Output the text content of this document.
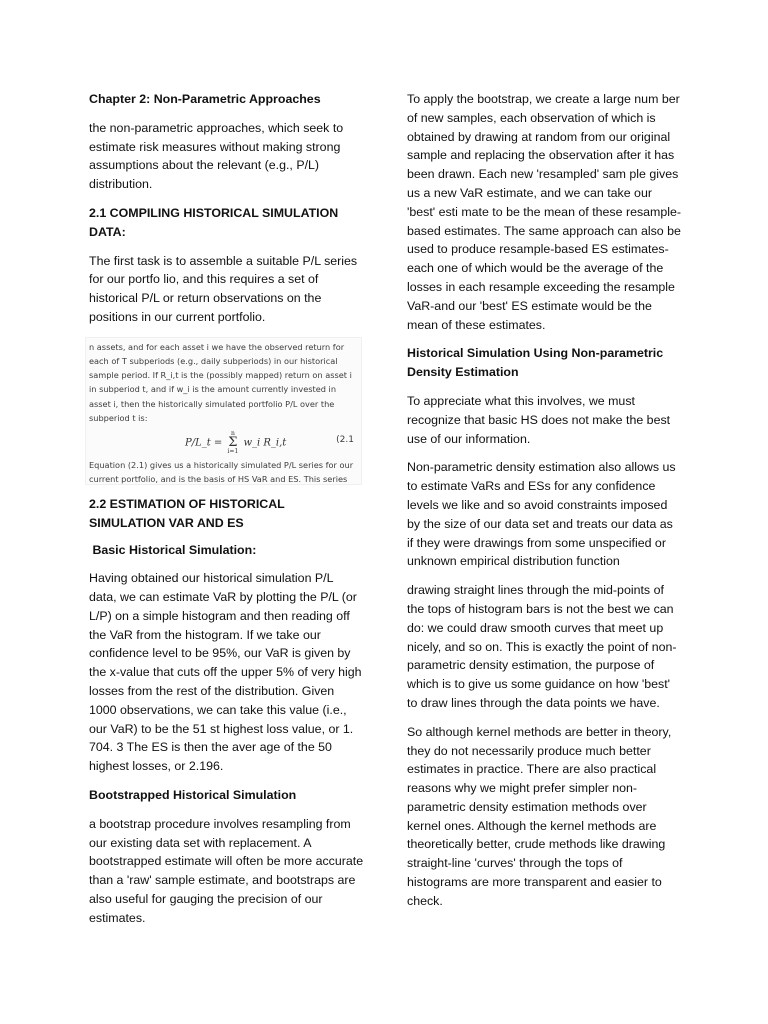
Chapter 2: Non-Parametric Approaches

the non-parametric approaches, which seek to estimate risk measures without making strong assumptions about the relevant (e.g., P/L) distribution.

2.1 COMPILING HISTORICAL SIMULATION DATA:

The first task is to assemble a suitable P/L series for our portfo lio, and this requires a set of historical P/L or return observations on the positions in our current portfolio.

n assets, and for each asset i we have the observed return for each of T subperiods (e.g., daily subperiods) in our historical sample period. If R_i,t is the (possibly mapped) return on asset i in subperiod t, and if w_i is the amount currently invested in asset i, then the historically simulated portfolio P/L over the subperiod t is:
P/L_t = n
Σ
i=1 w_i R_i,t	(2.1
Equation (2.1) gives us a historically simulated P/L series for our current portfolio, and is the basis of HS VaR and ES. This series

2.2 ESTIMATION OF HISTORICAL SIMULATION VAR AND ES

Basic Historical Simulation:

Having obtained our historical simulation P/L data, we can estimate VaR by plotting the P/L (or L/P) on a simple histogram and then reading off the VaR from the histogram. If we take our confidence level to be 95%, our VaR is given by the x-value that cuts off the upper 5% of very high losses from the rest of the distribution. Given 1000 observations, we can take this value (i.e., our VaR) to be the 51 st highest loss value, or 1. 704. 3 The ES is then the aver age of the 50 highest losses, or 2.196.

Bootstrapped Historical Simulation

a bootstrap procedure involves resampling from our existing data set with replacement. A bootstrapped estimate will often be more accurate than a 'raw' sample estimate, and bootstraps are also useful for gauging the precision of our estimates.

To apply the bootstrap, we create a large num ber of new samples, each observation of which is obtained by drawing at random from our original sample and replacing the observation after it has been drawn. Each new 'resampled' sam ple gives us a new VaR estimate, and we can take our 'best' esti mate to be the mean of these resample-based estimates. The same approach can also be used to produce resample-based ES estimates-each one of which would be the average of the losses in each resample exceeding the resample VaR-and our 'best' ES estimate would be the mean of these estimates.

Historical Simulation Using Non-parametric Density Estimation

To appreciate what this involves, we must recognize that basic HS does not make the best use of our information.

Non-parametric density estimation also allows us to estimate VaRs and ESs for any confidence levels we like and so avoid constraints imposed by the size of our data set and treats our data as if they were drawings from some unspecified or unknown empirical distribution function

drawing straight lines through the mid-points of the tops of histogram bars is not the best we can do: we could draw smooth curves that meet up nicely, and so on. This is exactly the point of non-parametric density estimation, the purpose of which is to give us some guidance on how 'best' to draw lines through the data points we have.

So although kernel methods are better in theory, they do not necessarily produce much better estimates in practice. There are also practical reasons why we might prefer simpler non-parametric density estimation methods over kernel ones. Although the kernel methods are theoretically better, crude methods like drawing straight-line 'curves' through the tops of histograms are more transparent and easier to check.
